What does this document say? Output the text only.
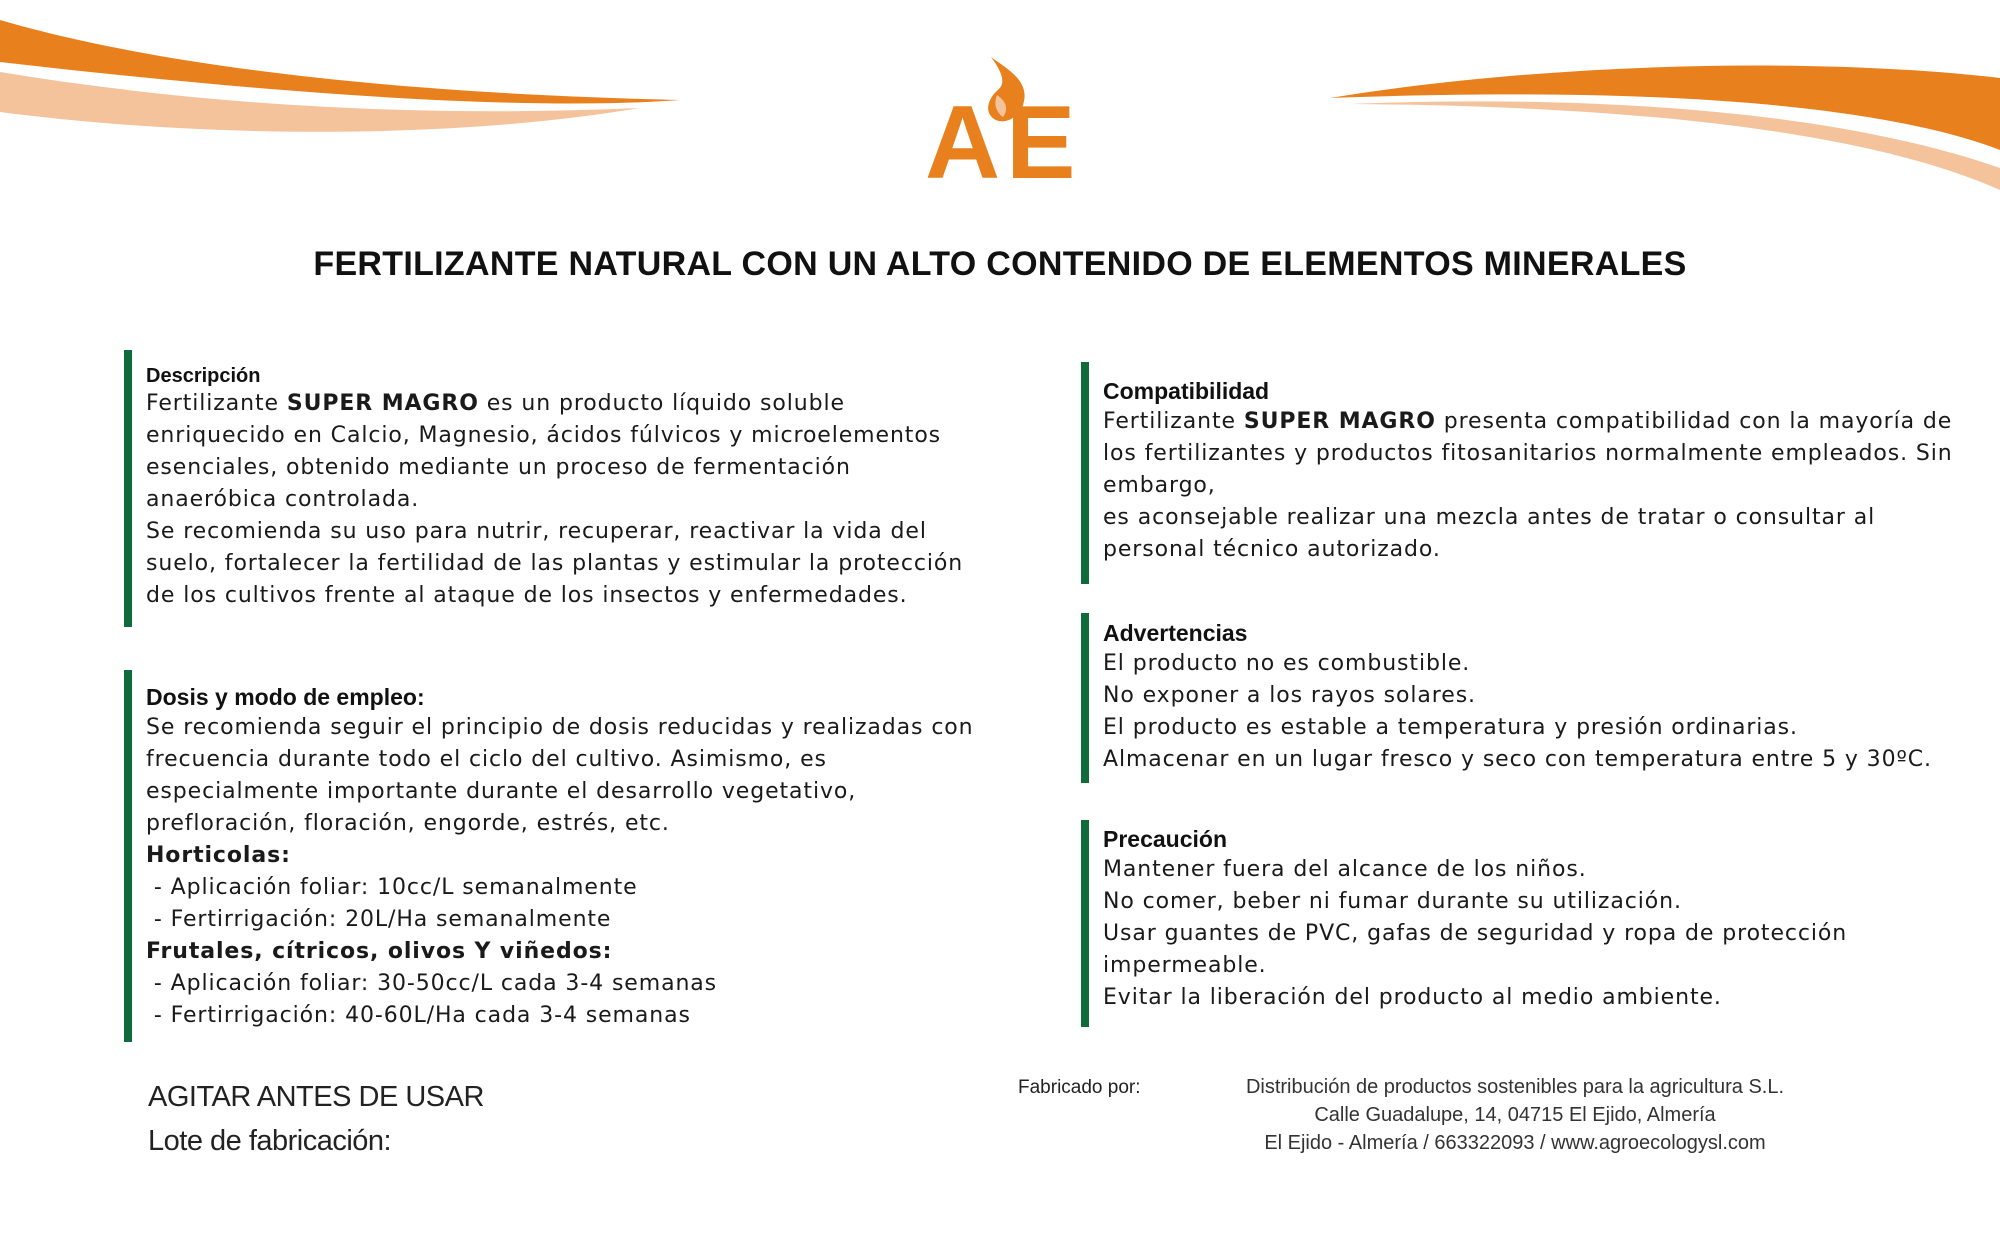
AE
FERTILIZANTE NATURAL CON UN ALTO CONTENIDO DE ELEMENTOS MINERALES
Descripción

Fertilizante SUPER MAGRO es un producto líquido soluble enriquecido en Calcio, Magnesio, ácidos fúlvicos y microelementos esenciales, obtenido mediante un proceso de fermentación anaeróbica controlada.

Se recomienda su uso para nutrir, recuperar, reactivar la vida del suelo, fortalecer la fertilidad de las plantas y estimular la protección de los cultivos frente al ataque de los insectos y enfermedades.

Dosis y modo de empleo:

Se recomienda seguir el principio de dosis reducidas y realizadas con frecuencia durante todo el ciclo del cultivo. Asimismo, es especialmente importante durante el desarrollo vegetativo, prefloración, floración, engorde, estrés, etc.

Horticolas:

- Aplicación foliar: 10cc/L semanalmente

- Fertirrigación: 20L/Ha semanalmente

Frutales, cítricos, olivos Y viñedos:

- Aplicación foliar: 30-50cc/L cada 3-4 semanas

- Fertirrigación: 40-60L/Ha cada 3-4 semanas

Compatibilidad

Fertilizante SUPER MAGRO presenta compatibilidad con la mayoría de los fertilizantes y productos fitosanitarios normalmente empleados. Sin embargo,

es aconsejable realizar una mezcla antes de tratar o consultar al personal técnico autorizado.

Advertencias

El producto no es combustible.

No exponer a los rayos solares.

El producto es estable a temperatura y presión ordinarias.

Almacenar en un lugar fresco y seco con temperatura entre 5 y 30ºC.

Precaución

Mantener fuera del alcance de los niños.

No comer, beber ni fumar durante su utilización.

Usar guantes de PVC, gafas de seguridad y ropa de protección impermeable.

Evitar la liberación del producto al medio ambiente.

AGITAR ANTES DE USAR
Lote de fabricación:
Fabricado por:	Distribución de productos sostenibles para la agricultura S.L.
Calle Guadalupe, 14, 04715 El Ejido, Almería
El Ejido - Almería / 663322093 / www.agroecologysl.com
